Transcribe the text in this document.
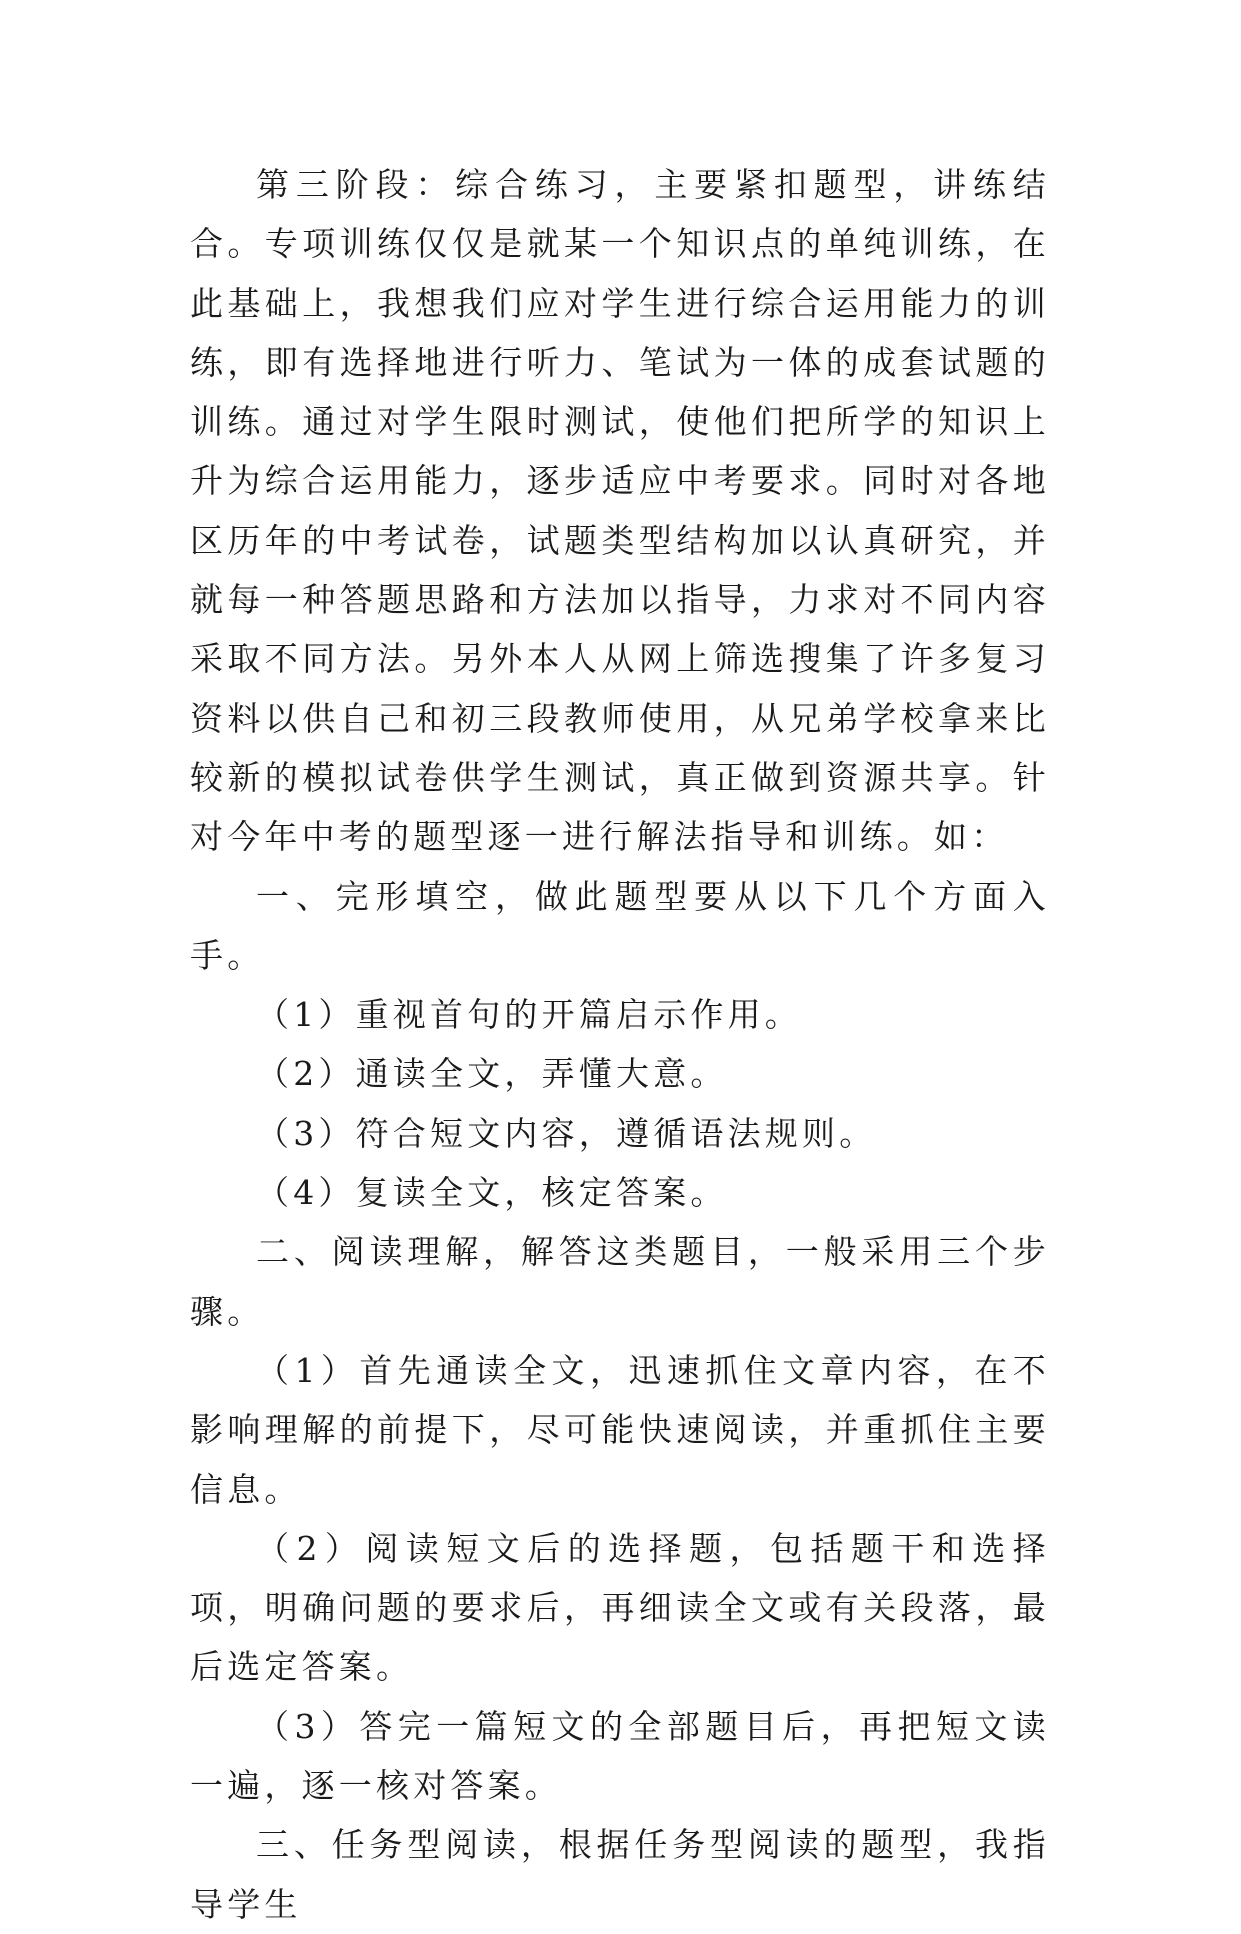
第三阶段：综合练习，主要紧扣题型，讲练结合。专项训练仅仅是就某一个知识点的单纯训练，在此基础上，我想我们应对学生进行综合运用能力的训练，即有选择地进行听力、笔试为一体的成套试题的训练。通过对学生限时测试，使他们把所学的知识上升为综合运用能力，逐步适应中考要求。同时对各地区历年的中考试卷，试题类型结构加以认真研究，并就每一种答题思路和方法加以指导，力求对不同内容采取不同方法。另外本人从网上筛选搜集了许多复习资料以供自己和初三段教师使用，从兄弟学校拿来比较新的模拟试卷供学生测试，真正做到资源共享。针对今年中考的题型逐一进行解法指导和训练。如：

一、完形填空，做此题型要从以下几个方面入手。

（1）重视首句的开篇启示作用。

（2）通读全文，弄懂大意。

（3）符合短文内容，遵循语法规则。

（4）复读全文，核定答案。

二、阅读理解，解答这类题目，一般采用三个步骤。

（1）首先通读全文，迅速抓住文章内容，在不影响理解的前提下，尽可能快速阅读，并重抓住主要信息。

（2）阅读短文后的选择题，包括题干和选择项，明确问题的要求后，再细读全文或有关段落，最后选定答案。

（3）答完一篇短文的全部题目后，再把短文读一遍，逐一核对答案。

三、任务型阅读，根据任务型阅读的题型，我指导学生
